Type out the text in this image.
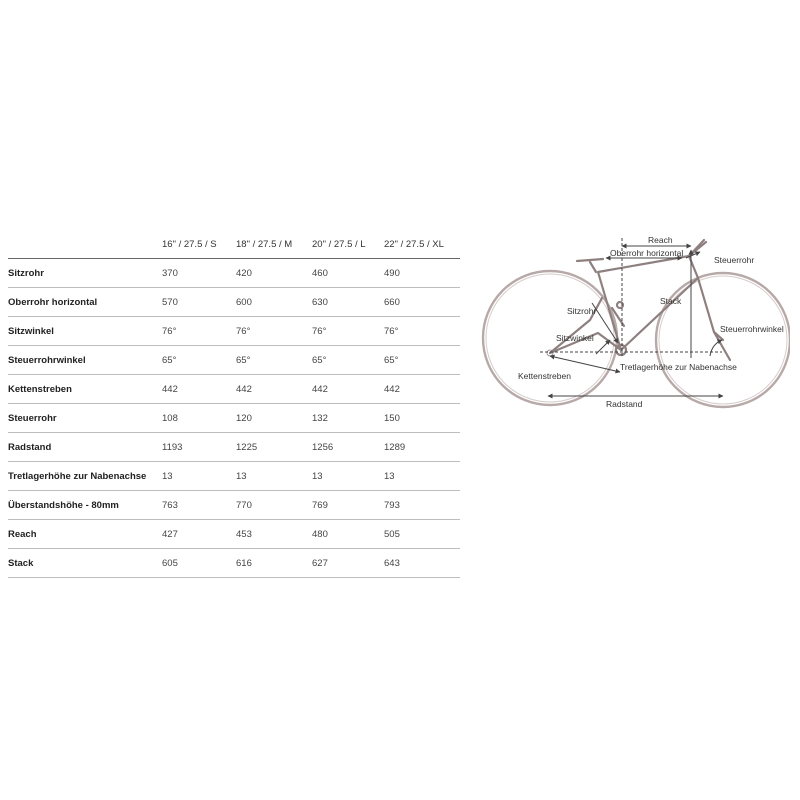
	16" / 27.5 / S	18" / 27.5 / M	20" / 27.5 / L	22" / 27.5 / XL
Sitzrohr	370	420	460	490
Oberrohr horizontal	570	600	630	660
Sitzwinkel	76°	76°	76°	76°
Steuerrohrwinkel	65°	65°	65°	65°
Kettenstreben	442	442	442	442
Steuerrohr	108	120	132	150
Radstand	1193	1225	1256	1289
Tretlagerhöhe zur Nabenachse	13	13	13	13
Überstandshöhe - 80mm	763	770	769	793
Reach	427	453	480	505
Stack	605	616	627	643
Reach
Oberrohr horizontal
Steuerrohr
Stack
Sitzrohr
Sitzwinkel
Steuerrohrwinkel
Tretlagerhöhe zur Nabenachse
Kettenstreben
Radstand
